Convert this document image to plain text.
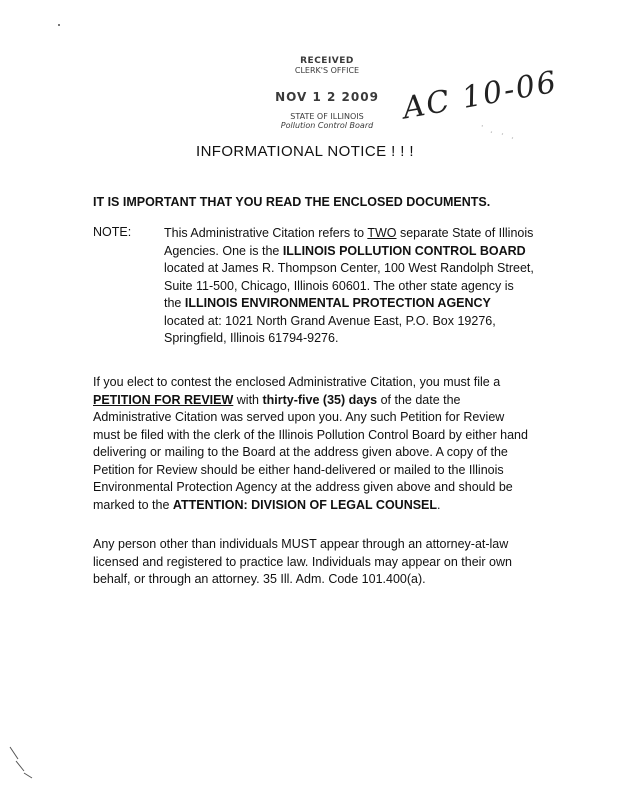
RECEIVED
CLERK'S OFFICE
NOV 1 2 2009
STATE OF ILLINOIS
Pollution Control Board AC 10-06
· . · ·
INFORMATIONAL NOTICE ! ! !
IT IS IMPORTANT THAT YOU READ THE ENCLOSED DOCUMENTS.
NOTE:	This Administrative Citation refers to TWO separate State of Illinois Agencies. One is the ILLINOIS POLLUTION CONTROL BOARD located at James R. Thompson Center, 100 West Randolph Street, Suite 11-500, Chicago, Illinois 60601. The other state agency is the ILLINOIS ENVIRONMENTAL PROTECTION AGENCY located at: 1021 North Grand Avenue East, P.O. Box 19276, Springfield, Illinois 61794-9276.
If you elect to contest the enclosed Administrative Citation, you must file a PETITION FOR REVIEW with thirty-five (35) days of the date the Administrative Citation was served upon you. Any such Petition for Review must be filed with the clerk of the Illinois Pollution Control Board by either hand delivering or mailing to the Board at the address given above. A copy of the Petition for Review should be either hand-delivered or mailed to the Illinois Environmental Protection Agency at the address given above and should be marked to the ATTENTION: DIVISION OF LEGAL COUNSEL.
Any person other than individuals MUST appear through an attorney-at-law licensed and registered to practice law. Individuals may appear on their own behalf, or through an attorney. 35 Ill. Adm. Code 101.400(a).
